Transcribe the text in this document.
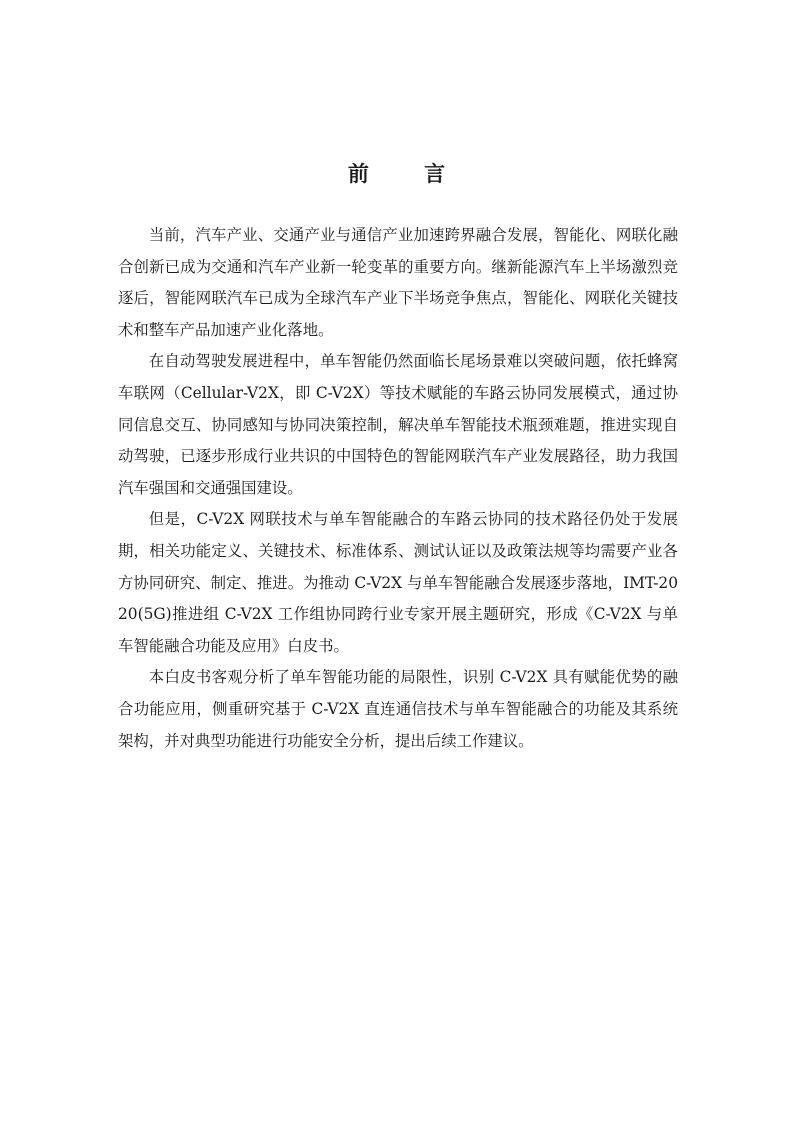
前 言

当前，汽车产业、交通产业与通信产业加速跨界融合发展，智能化、网联化融合创新已成为交通和汽车产业新一轮变革的重要方向。继新能源汽车上半场激烈竞逐后，智能网联汽车已成为全球汽车产业下半场竞争焦点，智能化、网联化关键技术和整车产品加速产业化落地。

在自动驾驶发展进程中，单车智能仍然面临长尾场景难以突破问题，依托蜂窝车联网（Cellular-V2X，即 C-V2X）等技术赋能的车路云协同发展模式，通过协同信息交互、协同感知与协同决策控制，解决单车智能技术瓶颈难题，推进实现自动驾驶，已逐步形成行业共识的中国特色的智能网联汽车产业发展路径，助力我国汽车强国和交通强国建设。

但是，C-V2X 网联技术与单车智能融合的车路云协同的技术路径仍处于发展期，相关功能定义、关键技术、标准体系、测试认证以及政策法规等均需要产业各方协同研究、制定、推进。为推动 C-V2X 与单车智能融合发展逐步落地，IMT-2020(5G)推进组 C-V2X 工作组协同跨行业专家开展主题研究，形成《C-V2X 与单车智能融合功能及应用》白皮书。

本白皮书客观分析了单车智能功能的局限性，识别 C-V2X 具有赋能优势的融合功能应用，侧重研究基于 C-V2X 直连通信技术与单车智能融合的功能及其系统架构，并对典型功能进行功能安全分析，提出后续工作建议。
